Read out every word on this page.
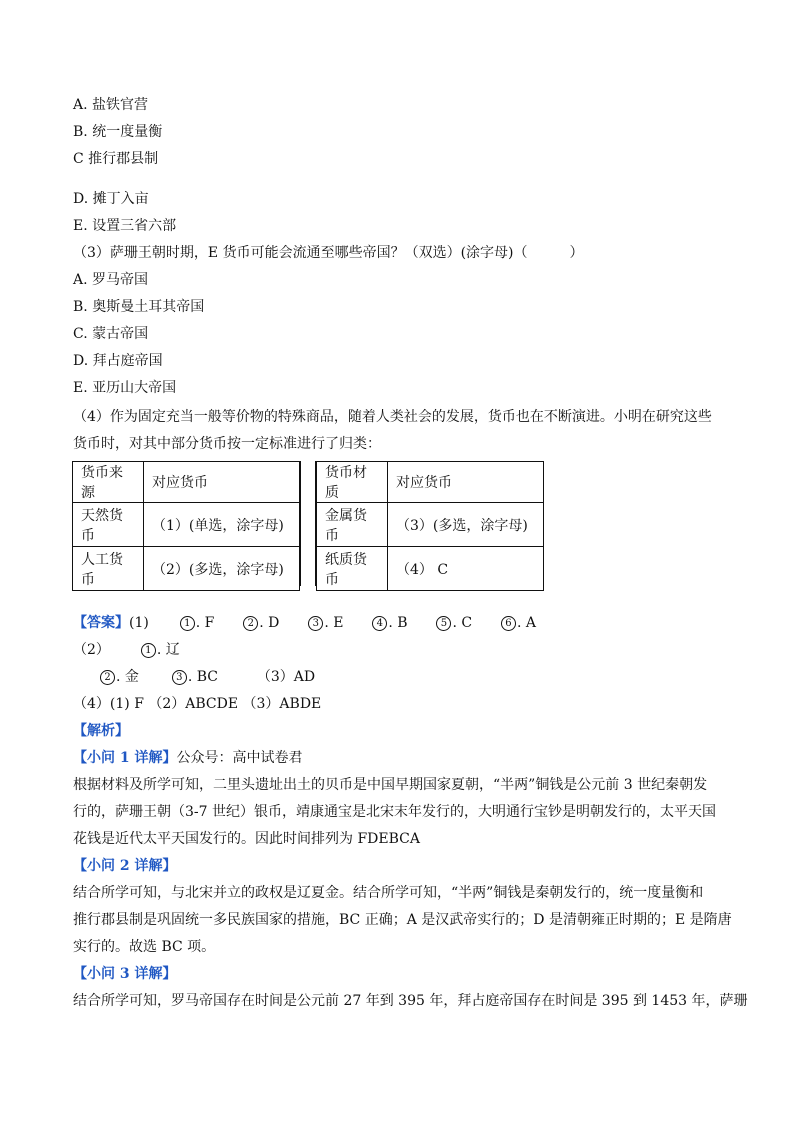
A. 盐铁官营
B. 统一度量衡
C 推行郡县制
D. 摊丁入亩
E. 设置三省六部
（3）萨珊王朝时期，E 货币可能会流通至哪些帝国？（双选）(涂字母)（　　　）
A. 罗马帝国
B. 奥斯曼土耳其帝国
C. 蒙古帝国
D. 拜占庭帝国
E. 亚历山大帝国
（4）作为固定充当一般等价物的特殊商品，随着人类社会的发展，货币也在不断演进。小明在研究这些
货币时，对其中部分货币按一定标准进行了归类：
货币来源	对应货币
天然货币	（1）(单选，涂字母)
人工货币	（2）(多选，涂字母)
货币材质	对应货币
金属货币	（3）(多选，涂字母)
纸质货币	（4） C
【答案】(1)	1 . F	2 . D	3 . E	4 . B	5 . C	6 . A
（2）	1 . 辽
2 . 金	3 . BC	（3）AD
（4）(1) F （2）ABCDE （3）ABDE
【解析】
【小问 1 详解】公众号：高中试卷君
根据材料及所学可知，二里头遗址出土的贝币是中国早期国家夏朝，“半两”铜钱是公元前 3 世纪秦朝发
行的，萨珊王朝（3-7 世纪）银币，靖康通宝是北宋末年发行的，大明通行宝钞是明朝发行的，太平天国
花钱是近代太平天国发行的。因此时间排列为 FDEBCA
【小问 2 详解】
结合所学可知，与北宋并立的政权是辽夏金。结合所学可知，“半两”铜钱是秦朝发行的，统一度量衡和
推行郡县制是巩固统一多民族国家的措施，BC 正确；A 是汉武帝实行的；D 是清朝雍正时期的；E 是隋唐
实行的。故选 BC 项。
【小问 3 详解】
结合所学可知，罗马帝国存在时间是公元前 27 年到 395 年，拜占庭帝国存在时间是 395 到 1453 年，萨珊
